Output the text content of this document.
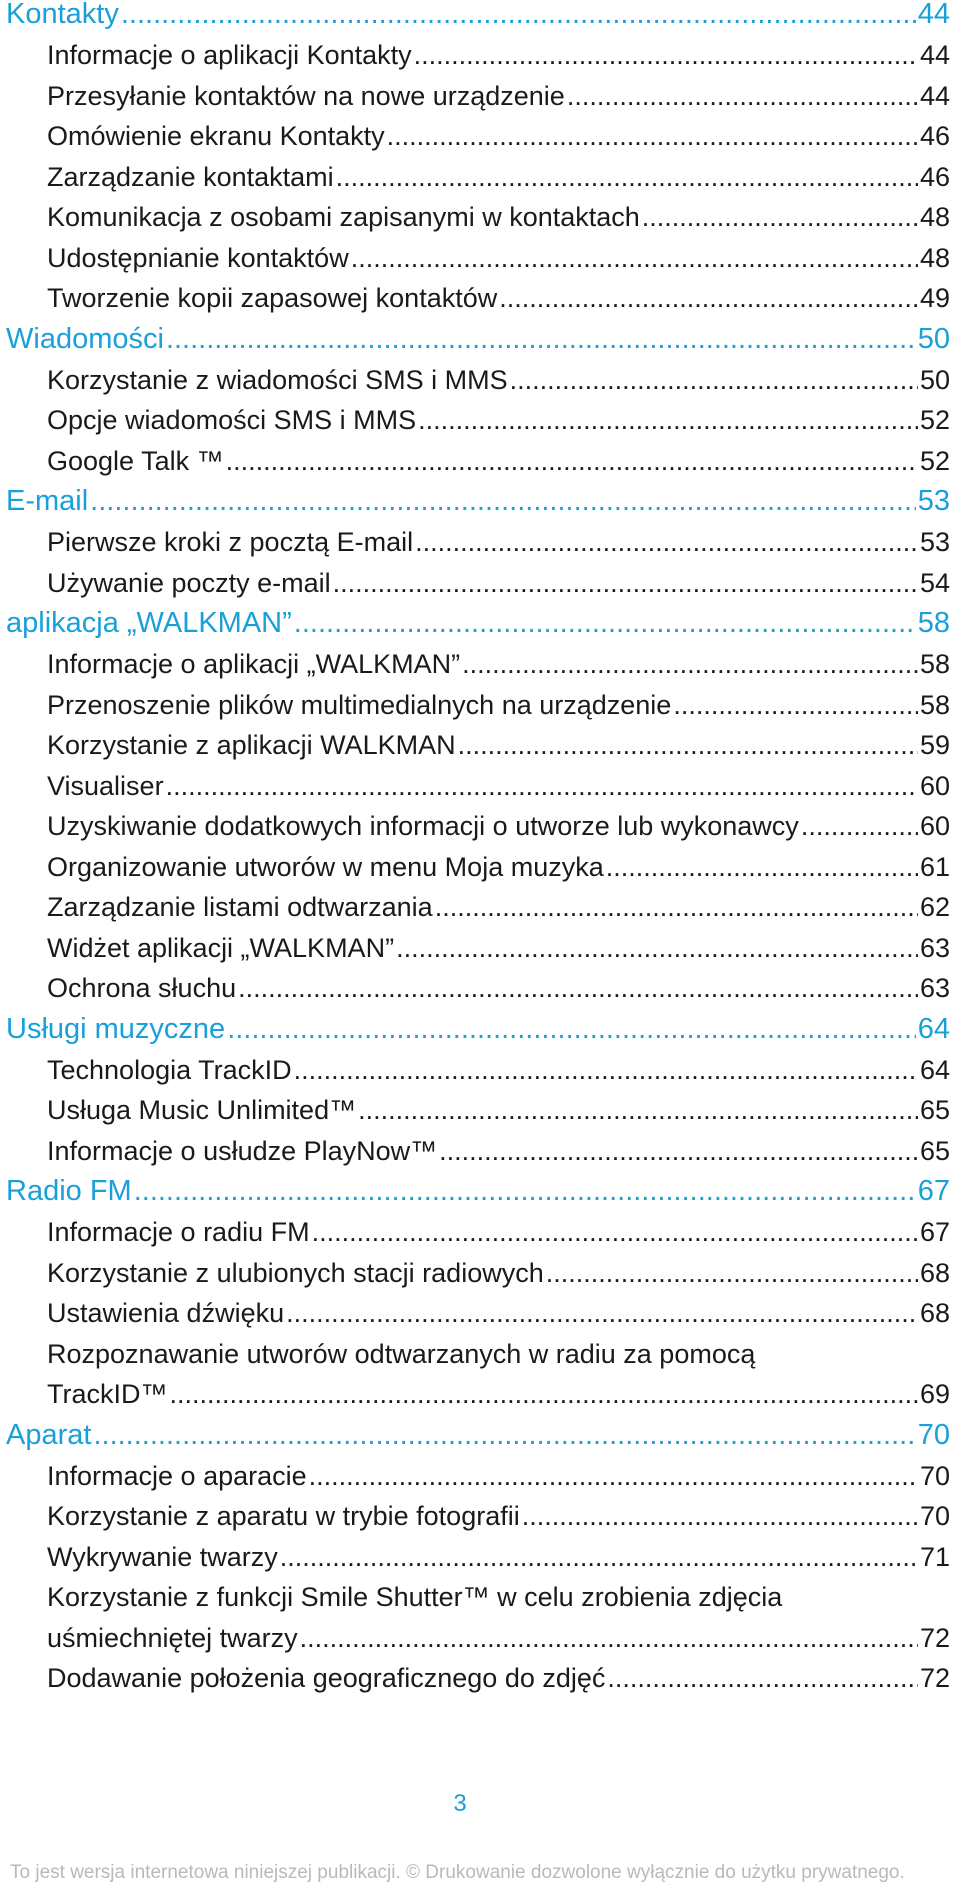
Kontakty .....	44
Informacje o aplikacji Kontakty .....	44
Przesyłanie kontaktów na nowe urządzenie .....	44
Omówienie ekranu Kontakty .....	46
Zarządzanie kontaktami .....	46
Komunikacja z osobami zapisanymi w kontaktach .....	48
Udostępnianie kontaktów .....	48
Tworzenie kopii zapasowej kontaktów .....	49
Wiadomości .....	50
Korzystanie z wiadomości SMS i MMS .....	50
Opcje wiadomości SMS i MMS .....	52
Google Talk ™ .....	52
E-mail .....	53
Pierwsze kroki z pocztą E-mail .....	53
Używanie poczty e-mail .....	54
aplikacja „WALKMAN” .....	58
Informacje o aplikacji „WALKMAN” .....	58
Przenoszenie plików multimedialnych na urządzenie .....	58
Korzystanie z aplikacji WALKMAN .....	59
Visualiser .....	60
Uzyskiwanie dodatkowych informacji o utworze lub wykonawcy .....	60
Organizowanie utworów w menu Moja muzyka .....	61
Zarządzanie listami odtwarzania .....	62
Widżet aplikacji „WALKMAN” .....	63
Ochrona słuchu .....	63
Usługi muzyczne .....	64
Technologia TrackID .....	64
Usługa Music Unlimited™ .....	65
Informacje o usłudze PlayNow™ .....	65
Radio FM .....	67
Informacje o radiu FM .....	67
Korzystanie z ulubionych stacji radiowych .....	68
Ustawienia dźwięku .....	68
Rozpoznawanie utworów odtwarzanych w radiu za pomocą
TrackID™ .....	69
Aparat .....	70
Informacje o aparacie .....	70
Korzystanie z aparatu w trybie fotografii .....	70
Wykrywanie twarzy .....	71
Korzystanie z funkcji Smile Shutter™ w celu zrobienia zdjęcia
uśmiechniętej twarzy .....	72
Dodawanie położenia geograficznego do zdjęć .....	72
3
To jest wersja internetowa niniejszej publikacji. © Drukowanie dozwolone wyłącznie do użytku prywatnego.
